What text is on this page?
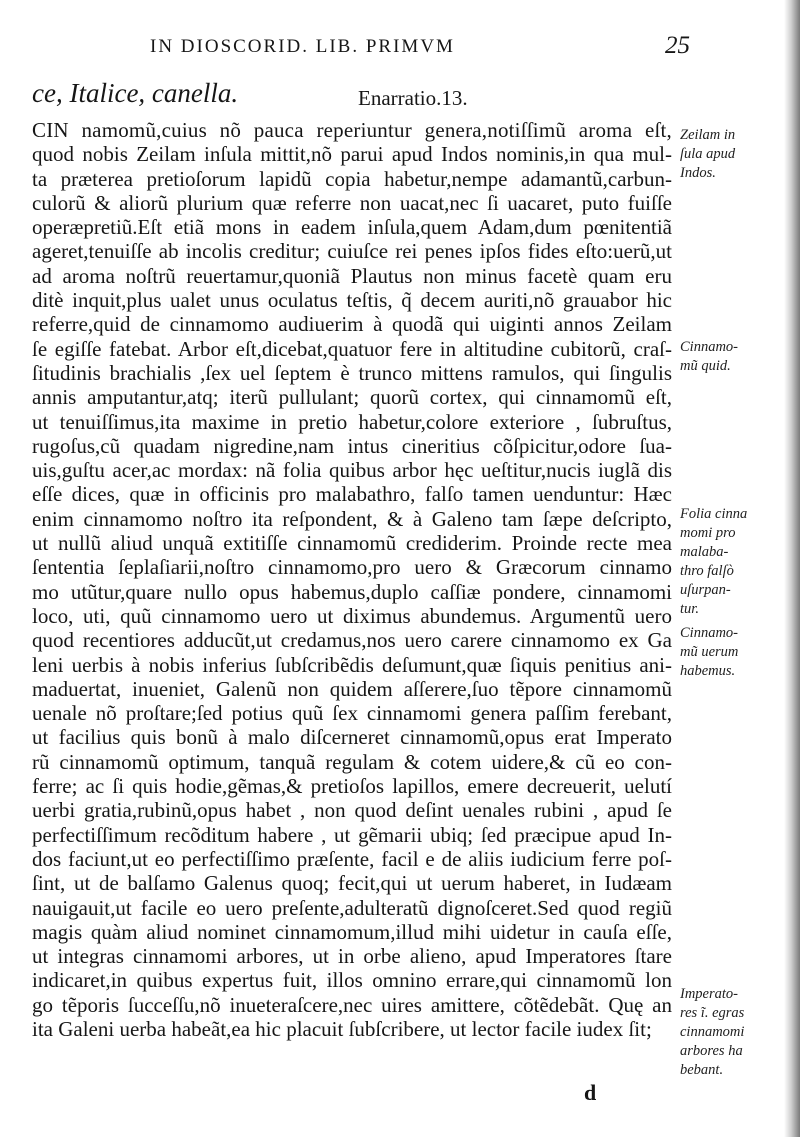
IN DIOSCORID. LIB. PRIMVM	25
ce, Italice, canella.	Enarratio.13.
CIN namomũ,cuius nõ pauca reperiuntur genera,notiſſimũ aroma eſt,
quod nobis Zeilam inſula mittit,nõ parui apud Indos nominis,in qua mul-
ta præterea pretioſorum lapidũ copia habetur,nempe adamantũ,carbun-
culorũ & aliorũ plurium quæ referre non uacat,nec ſi uacaret, puto fuiſſe
operæpretiũ.Eſt etiã mons in eadem inſula,quem Adam,dum pœnitentiã
ageret,tenuiſſe ab incolis creditur; cuiuſce rei penes ipſos fides eſto:uerũ,ut
ad aroma noſtrũ reuertamur,quoniã Plautus non minus facetè quam eru
ditè inquit,plus ualet unus oculatus teſtis, q̃ decem auriti,nõ grauabor hic
referre,quid de cinnamomo audiuerim à quodã qui uiginti annos Zeilam
ſe egiſſe fatebat. Arbor eſt,dicebat,quatuor fere in altitudine cubitorũ, craſ-
ſitudinis brachialis ,ſex uel ſeptem è trunco mittens ramulos, qui ſingulis
annis amputantur,atq; iterũ pullulant; quorũ cortex, qui cinnamomũ eſt,
ut tenuiſſimus,ita maxime in pretio habetur,colore exteriore , ſubruſtus,
rugoſus,cũ quadam nigredine,nam intus cineritius cõſpicitur,odore ſua-
uis,guſtu acer,ac mordax: nã folia quibus arbor hęc ueſtitur,nucis iuglã dis
eſſe dices, quæ in officinis pro malabathro, falſo tamen uenduntur: Hæc
enim cinnamomo noſtro ita reſpondent, & à Galeno tam ſæpe deſcripto,
ut nullũ aliud unquã extitiſſe cinnamomũ crediderim. Proinde recte mea
ſententia ſeplaſiarii,noſtro cinnamomo,pro uero & Græcorum cinnamo
mo utũtur,quare nullo opus habemus,duplo caſſiæ pondere, cinnamomi
loco, uti, quũ cinnamomo uero ut diximus abundemus. Argumentũ uero
quod recentiores adducũt,ut credamus,nos uero carere cinnamomo ex Ga
leni uerbis à nobis inferius ſubſcribẽdis deſumunt,quæ ſiquis penitius ani-
maduertat, inueniet, Galenũ non quidem aſſerere,ſuo tẽpore cinnamomũ
uenale nõ proſtare;ſed potius quũ ſex cinnamomi genera paſſim ferebant,
ut facilius quis bonũ à malo diſcerneret cinnamomũ,opus erat Imperato
rũ cinnamomũ optimum, tanquã regulam & cotem uidere,& cũ eo con-
ferre; ac ſi quis hodie,gẽmas,& pretioſos lapillos, emere decreuerit, uelutí
uerbi gratia,rubinũ,opus habet , non quod deſint uenales rubini , apud ſe
perfectiſſimum recõditum habere , ut gẽmarii ubiq; ſed præcipue apud In-
dos faciunt,ut eo perfectiſſimo præſente, facil e de aliis iudicium ferre poſ-
ſint, ut de balſamo Galenus quoq; fecit,qui ut uerum haberet, in Iudæam
nauigauit,ut facile eo uero preſente,adulteratũ dignoſceret.Sed quod regiũ
magis quàm aliud nominet cinnamomum,illud mihi uidetur in cauſa eſſe,
ut integras cinnamomi arbores, ut in orbe alieno, apud Imperatores ſtare
indicaret,in quibus expertus fuit, illos omnino errare,qui cinnamomũ lon
go tẽporis ſucceſſu,nõ inueteraſcere,nec uires amittere, cõtẽdebãt. Quę an
ita Galeni uerba habeãt,ea hic placuit ſubſcribere, ut lector facile iudex ſit;
Zeilam in
ſula apud
Indos.
Cinnamo-
mũ quid.
Folia cinna
momi pro
malaba-
thro falſò
uſurpan-
tur.
Cinnamo-
mũ uerum
habemus.
Imperato-
res ĩ. egras
cinnamomi
arbores ha
bebant.
d
